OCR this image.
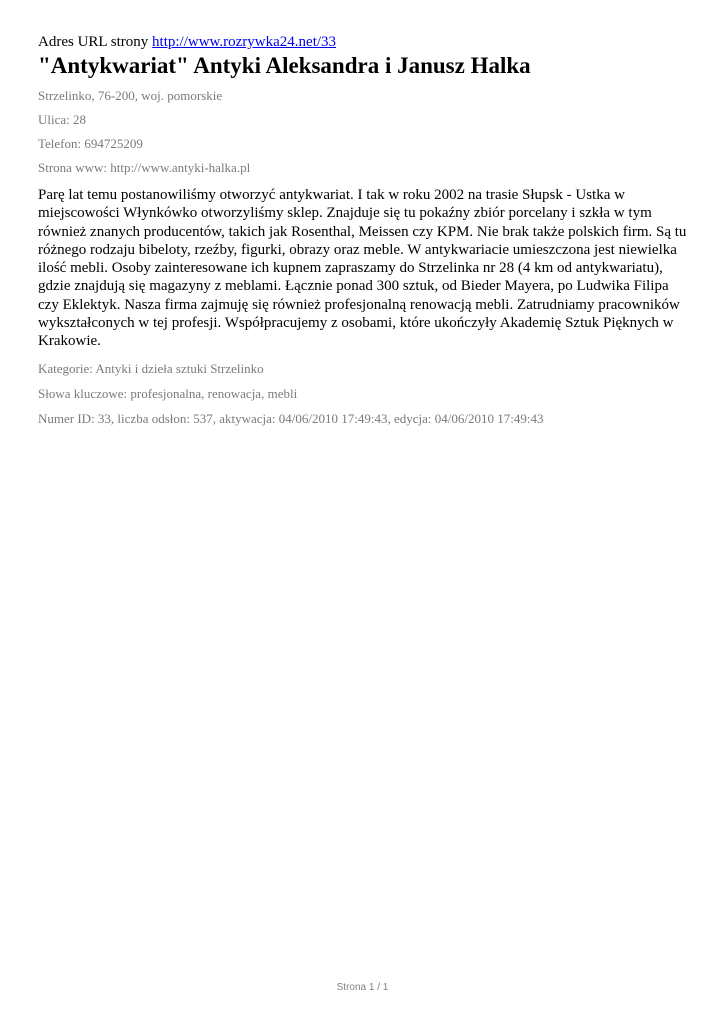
Adres URL strony http://www.rozrywka24.net/33

"Antykwariat" Antyki Aleksandra i Janusz Halka

Strzelinko, 76-200, woj. pomorskie

Ulica: 28

Telefon: 694725209

Strona www: http://www.antyki-halka.pl

Parę lat temu postanowiliśmy otworzyć antykwariat. I tak w roku 2002 na trasie Słupsk - Ustka w miejscowości Włynkówko otworzyliśmy sklep. Znajduje się tu pokaźny zbiór porcelany i szkła w tym również znanych producentów, takich jak Rosenthal, Meissen czy KPM. Nie brak także polskich firm. Są tu różnego rodzaju bibeloty, rzeźby, figurki, obrazy oraz meble. W antykwariacie umieszczona jest niewielka ilość mebli. Osoby zainteresowane ich kupnem zapraszamy do Strzelinka nr 28 (4 km od antykwariatu), gdzie znajdują się magazyny z meblami. Łącznie ponad 300 sztuk, od Bieder Mayera, po Ludwika Filipa czy Eklektyk. Nasza firma zajmuję się również profesjonalną renowacją mebli. Zatrudniamy pracowników wykształconych w tej profesji. Współpracujemy z osobami, które ukończyły Akademię Sztuk Pięknych w Krakowie.

Kategorie: Antyki i dzieła sztuki Strzelinko

Słowa kluczowe: profesjonalna, renowacja, mebli

Numer ID: 33, liczba odsłon: 537, aktywacja: 04/06/2010 17:49:43, edycja: 04/06/2010 17:49:43

Strona 1 / 1
